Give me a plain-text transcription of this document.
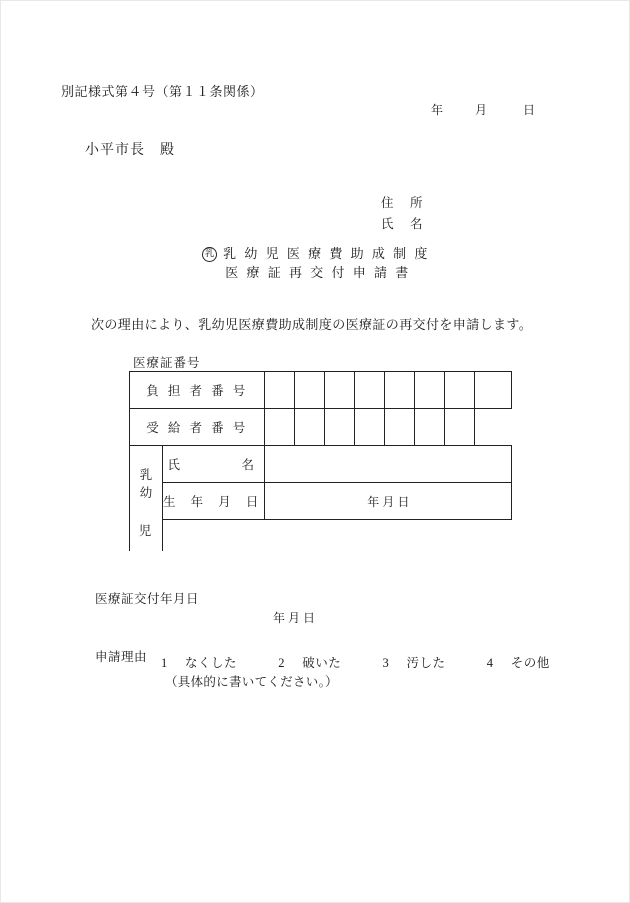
別記様式第４号（第１１条関係）
年	月	日
小平市長　殿
住　所
氏　名
乳 乳 幼 児 医 療 費 助 成 制 度
医 療 証 再 交 付 申 請 書
次の理由により、乳幼児医療費助成制度の医療証の再交付を申請します。
医療証番号
負 担 者 番 号									
受 給 者 番 号									

乳
幼	氏　　　名								
	生 年 月 日	年 月 日							
児
医療証交付年月日
年 月 日
申請理由 1 なくした	2 破いた	3 汚した	4 その他
（具体的に書いてください。）
